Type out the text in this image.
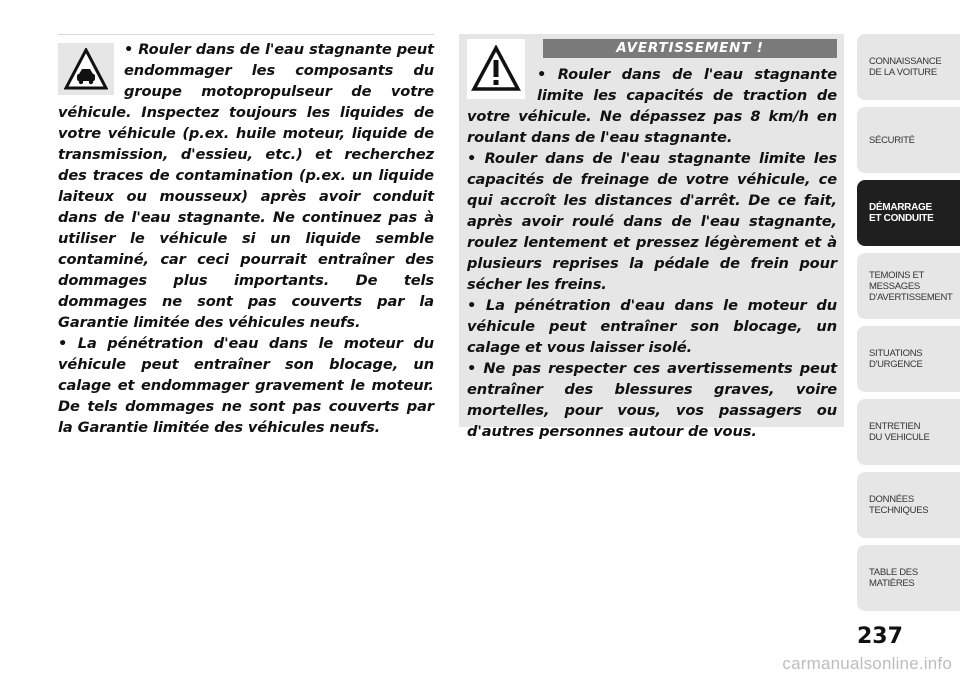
• Rouler dans de l'eau stagnante peut endommager les composants du groupe motopropulseur de votre véhicule. Inspectez toujours les liquides de votre véhicule (p.ex. huile moteur, liquide de transmission, d'essieu, etc.) et recherchez des traces de contamination (p.ex. un liquide laiteux ou mousseux) après avoir conduit dans de l'eau stagnante. Ne continuez pas à utiliser le véhicule si un liquide semble contaminé, car ceci pourrait entraîner des dommages plus importants. De tels dommages ne sont pas couverts par la Garantie limitée des véhicules neufs.

• La pénétration d'eau dans le moteur du véhicule peut entraîner son blocage, un calage et endommager gravement le moteur. De tels dommages ne sont pas couverts par la Garantie limitée des véhicules neufs.

AVERTISSEMENT !

• Rouler dans de l'eau stagnante limite les capacités de traction de votre véhicule. Ne dépassez pas 8 km/h en roulant dans de l'eau stagnante.

• Rouler dans de l'eau stagnante limite les capacités de freinage de votre véhicule, ce qui accroît les distances d'arrêt. De ce fait, après avoir roulé dans de l'eau stagnante, roulez lentement et pressez légèrement et à plusieurs reprises la pédale de frein pour sécher les freins.

• La pénétration d'eau dans le moteur du véhicule peut entraîner son blocage, un calage et vous laisser isolé.

• Ne pas respecter ces avertissements peut entraîner des blessures graves, voire mortelles, pour vous, vos passagers ou d'autres personnes autour de vous.

CONNAISSANCE
DE LA VOITURE
SÉCURITÉ
DÉMARRAGE
ET CONDUITE
TEMOINS ET
MESSAGES
D'AVERTISSEMENT
SITUATIONS
D'URGENCE
ENTRETIEN
DU VEHICULE
DONNÉES
TECHNIQUES
TABLE DES
MATIÈRES
237
carmanualsonline.info
